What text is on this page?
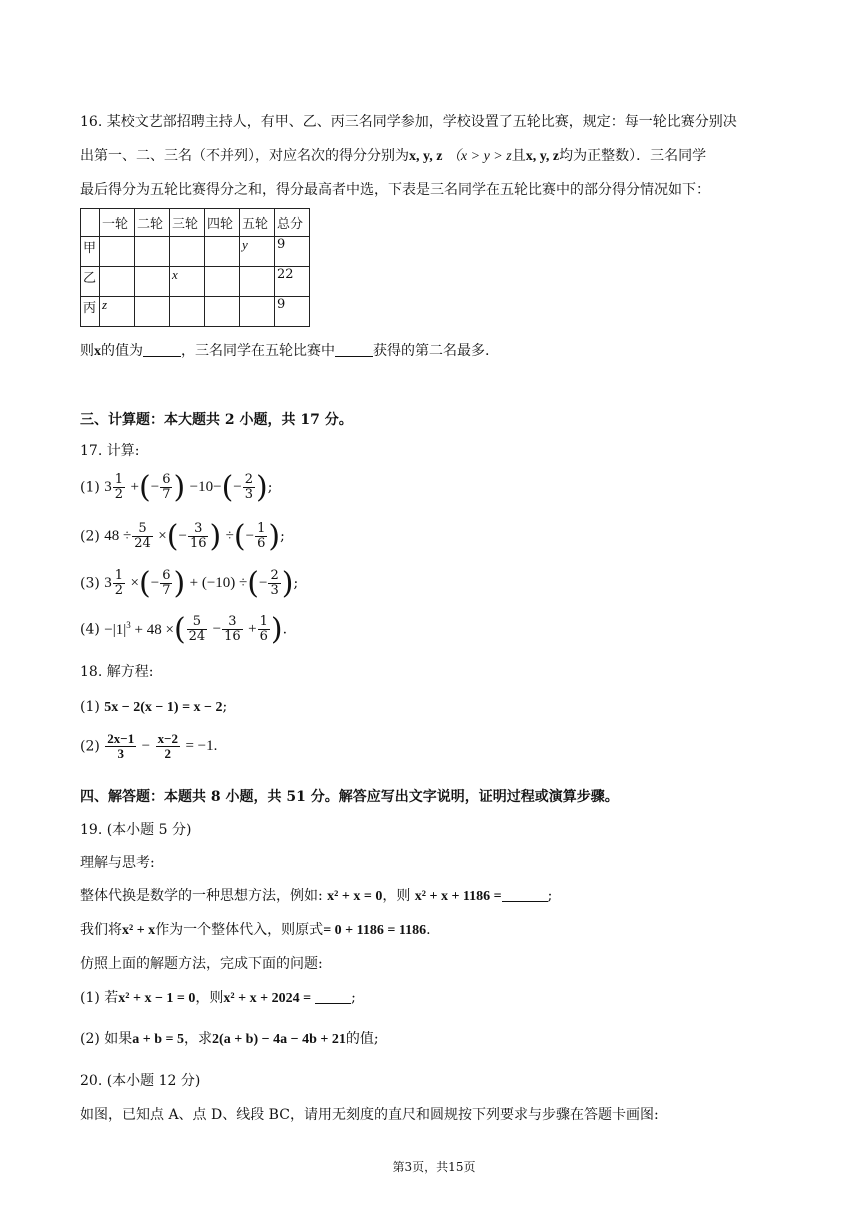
16. 某校文艺部招聘主持人，有甲、乙、丙三名同学参加，学校设置了五轮比赛，规定：每一轮比赛分别决
出第一、二、三名（不并列），对应名次的得分分别为x, y, z （x > y > z且x, y, z均为正整数）．三名同学
最后得分为五轮比赛得分之和，得分最高者中选，下表是三名同学在五轮比赛中的部分得分情况如下：
	一轮	二轮	三轮	四轮	五轮	总分
甲					y	9
乙			x			22
丙	z					9
则x的值为	，三名同学在五轮比赛中	获得的第二名最多.
三、计算题：本大题共 2 小题，共 17 分。
17. 计算:
(1) $3 \frac{1}{2}$ +(− $\frac{6}{7}$ ) $-10-(- \frac{2}{3}$ );
(2) $48 \div \frac{5}{24}$ ×(− $\frac{3}{16}$ ) ÷(− $\frac{1}{6}$ );
(3) $3 \frac{1}{2}$ ×(− $\frac{6}{7}$ ) + (−10) ÷(− $\frac{2}{3}$ );
$(4) -|1|^3 + 48$ ×( $\frac{5}{24} - \frac{3}{16} + \frac{1}{6}$ ).
18. 解方程:
(1) 5x − 2(x − 1) = x − 2;
$(2) \frac{2x-1}{3} - \frac{x-2}{2} = -1$.
四、解答题：本题共 8 小题，共 51 分。解答应写出文字说明，证明过程或演算步骤。
19. (本小题 5 分)
理解与思考:
整体代换是数学的一种思想方法，例如: x² + x = 0，则 x² + x + 1186 =	;
我们将x² + x作为一个整体代入，则原式= 0 + 1186 = 1186.
仿照上面的解题方法，完成下面的问题:
(1) 若x² + x − 1 = 0，则x² + x + 2024 =	;
(2) 如果a + b = 5，求2(a + b) − 4a − 4b + 21的值;
20. (本小题 12 分)
如图，已知点 A、点 D、线段 BC，请用无刻度的直尺和圆规按下列要求与步骤在答题卡画图:
第3页，共15页
